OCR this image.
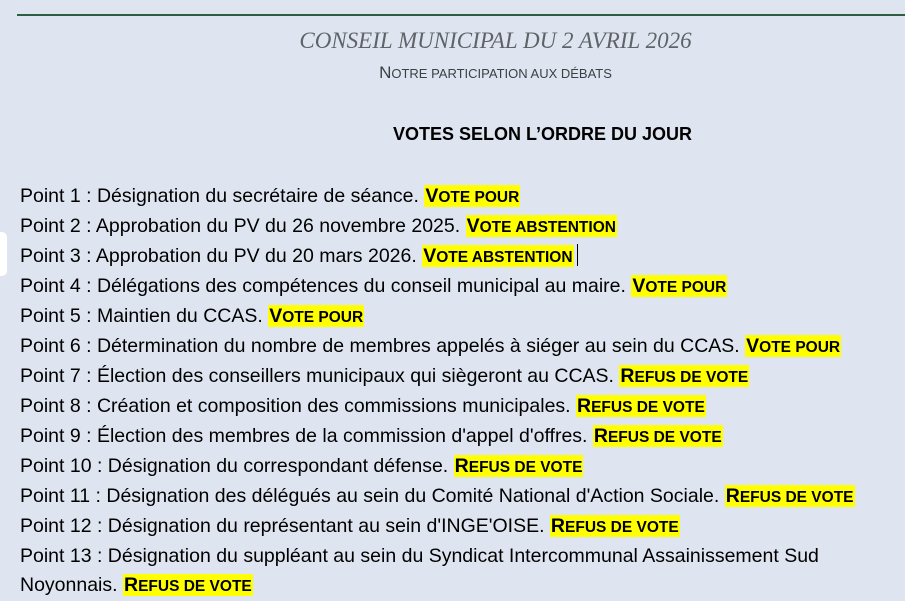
CONSEIL MUNICIPAL DU 2 AVRIL 2026
NOTRE PARTICIPATION AUX DÉBATS
VOTES SELON L’ORDRE DU JOUR
Point 1 : Désignation du secrétaire de séance. VOTE POUR
Point 2 : Approbation du PV du 26 novembre 2025. VOTE ABSTENTION
Point 3 : Approbation du PV du 20 mars 2026. VOTE ABSTENTION
Point 4 : Délégations des compétences du conseil municipal au maire. VOTE POUR
Point 5 : Maintien du CCAS. VOTE POUR
Point 6 : Détermination du nombre de membres appelés à siéger au sein du CCAS. VOTE POUR
Point 7 : Élection des conseillers municipaux qui siègeront au CCAS. REFUS DE VOTE
Point 8 : Création et composition des commissions municipales. REFUS DE VOTE
Point 9 : Élection des membres de la commission d'appel d'offres. REFUS DE VOTE
Point 10 : Désignation du correspondant défense. REFUS DE VOTE
Point 11 : Désignation des délégués au sein du Comité National d'Action Sociale. REFUS DE VOTE
Point 12 : Désignation du représentant au sein d'INGE'OISE. REFUS DE VOTE
Point 13 : Désignation du suppléant au sein du Syndicat Intercommunal Assainissement Sud Noyonnais. REFUS DE VOTE
